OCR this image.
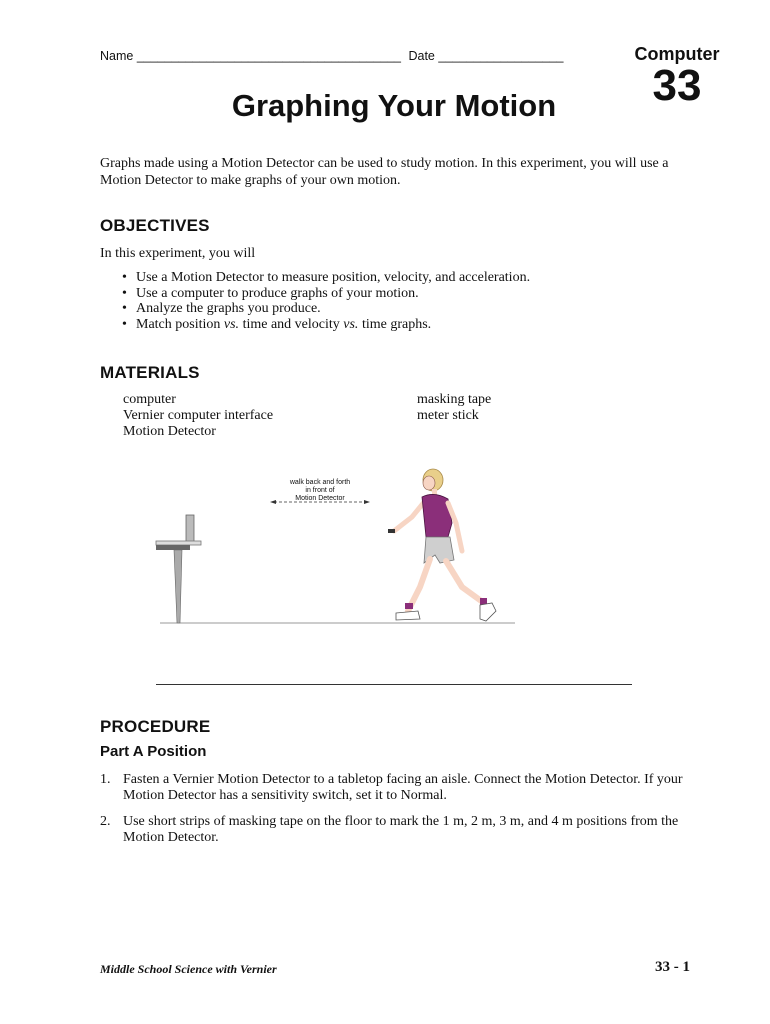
Name ______________________________________ Date __________________	Computer
33
Graphing Your Motion
Graphs made using a Motion Detector can be used to study motion. In this experiment, you will use a Motion Detector to make graphs of your own motion.
OBJECTIVES
In this experiment, you will
• Use a Motion Detector to measure position, velocity, and acceleration.
• Use a computer to produce graphs of your motion.
• Analyze the graphs you produce.
• Match position vs. time and velocity vs. time graphs.
MATERIALS
computer
Vernier computer interface
Motion Detector
masking tape
meter stick
walk back and forth
in front of
Motion Detector
PROCEDURE
Part A Position
1. Fasten a Vernier Motion Detector to a tabletop facing an aisle. Connect the Motion Detector. If your Motion Detector has a sensitivity switch, set it to Normal.
2. Use short strips of masking tape on the floor to mark the 1 m, 2 m, 3 m, and 4 m positions from the Motion Detector.
Middle School Science with Vernier	33 - 1
